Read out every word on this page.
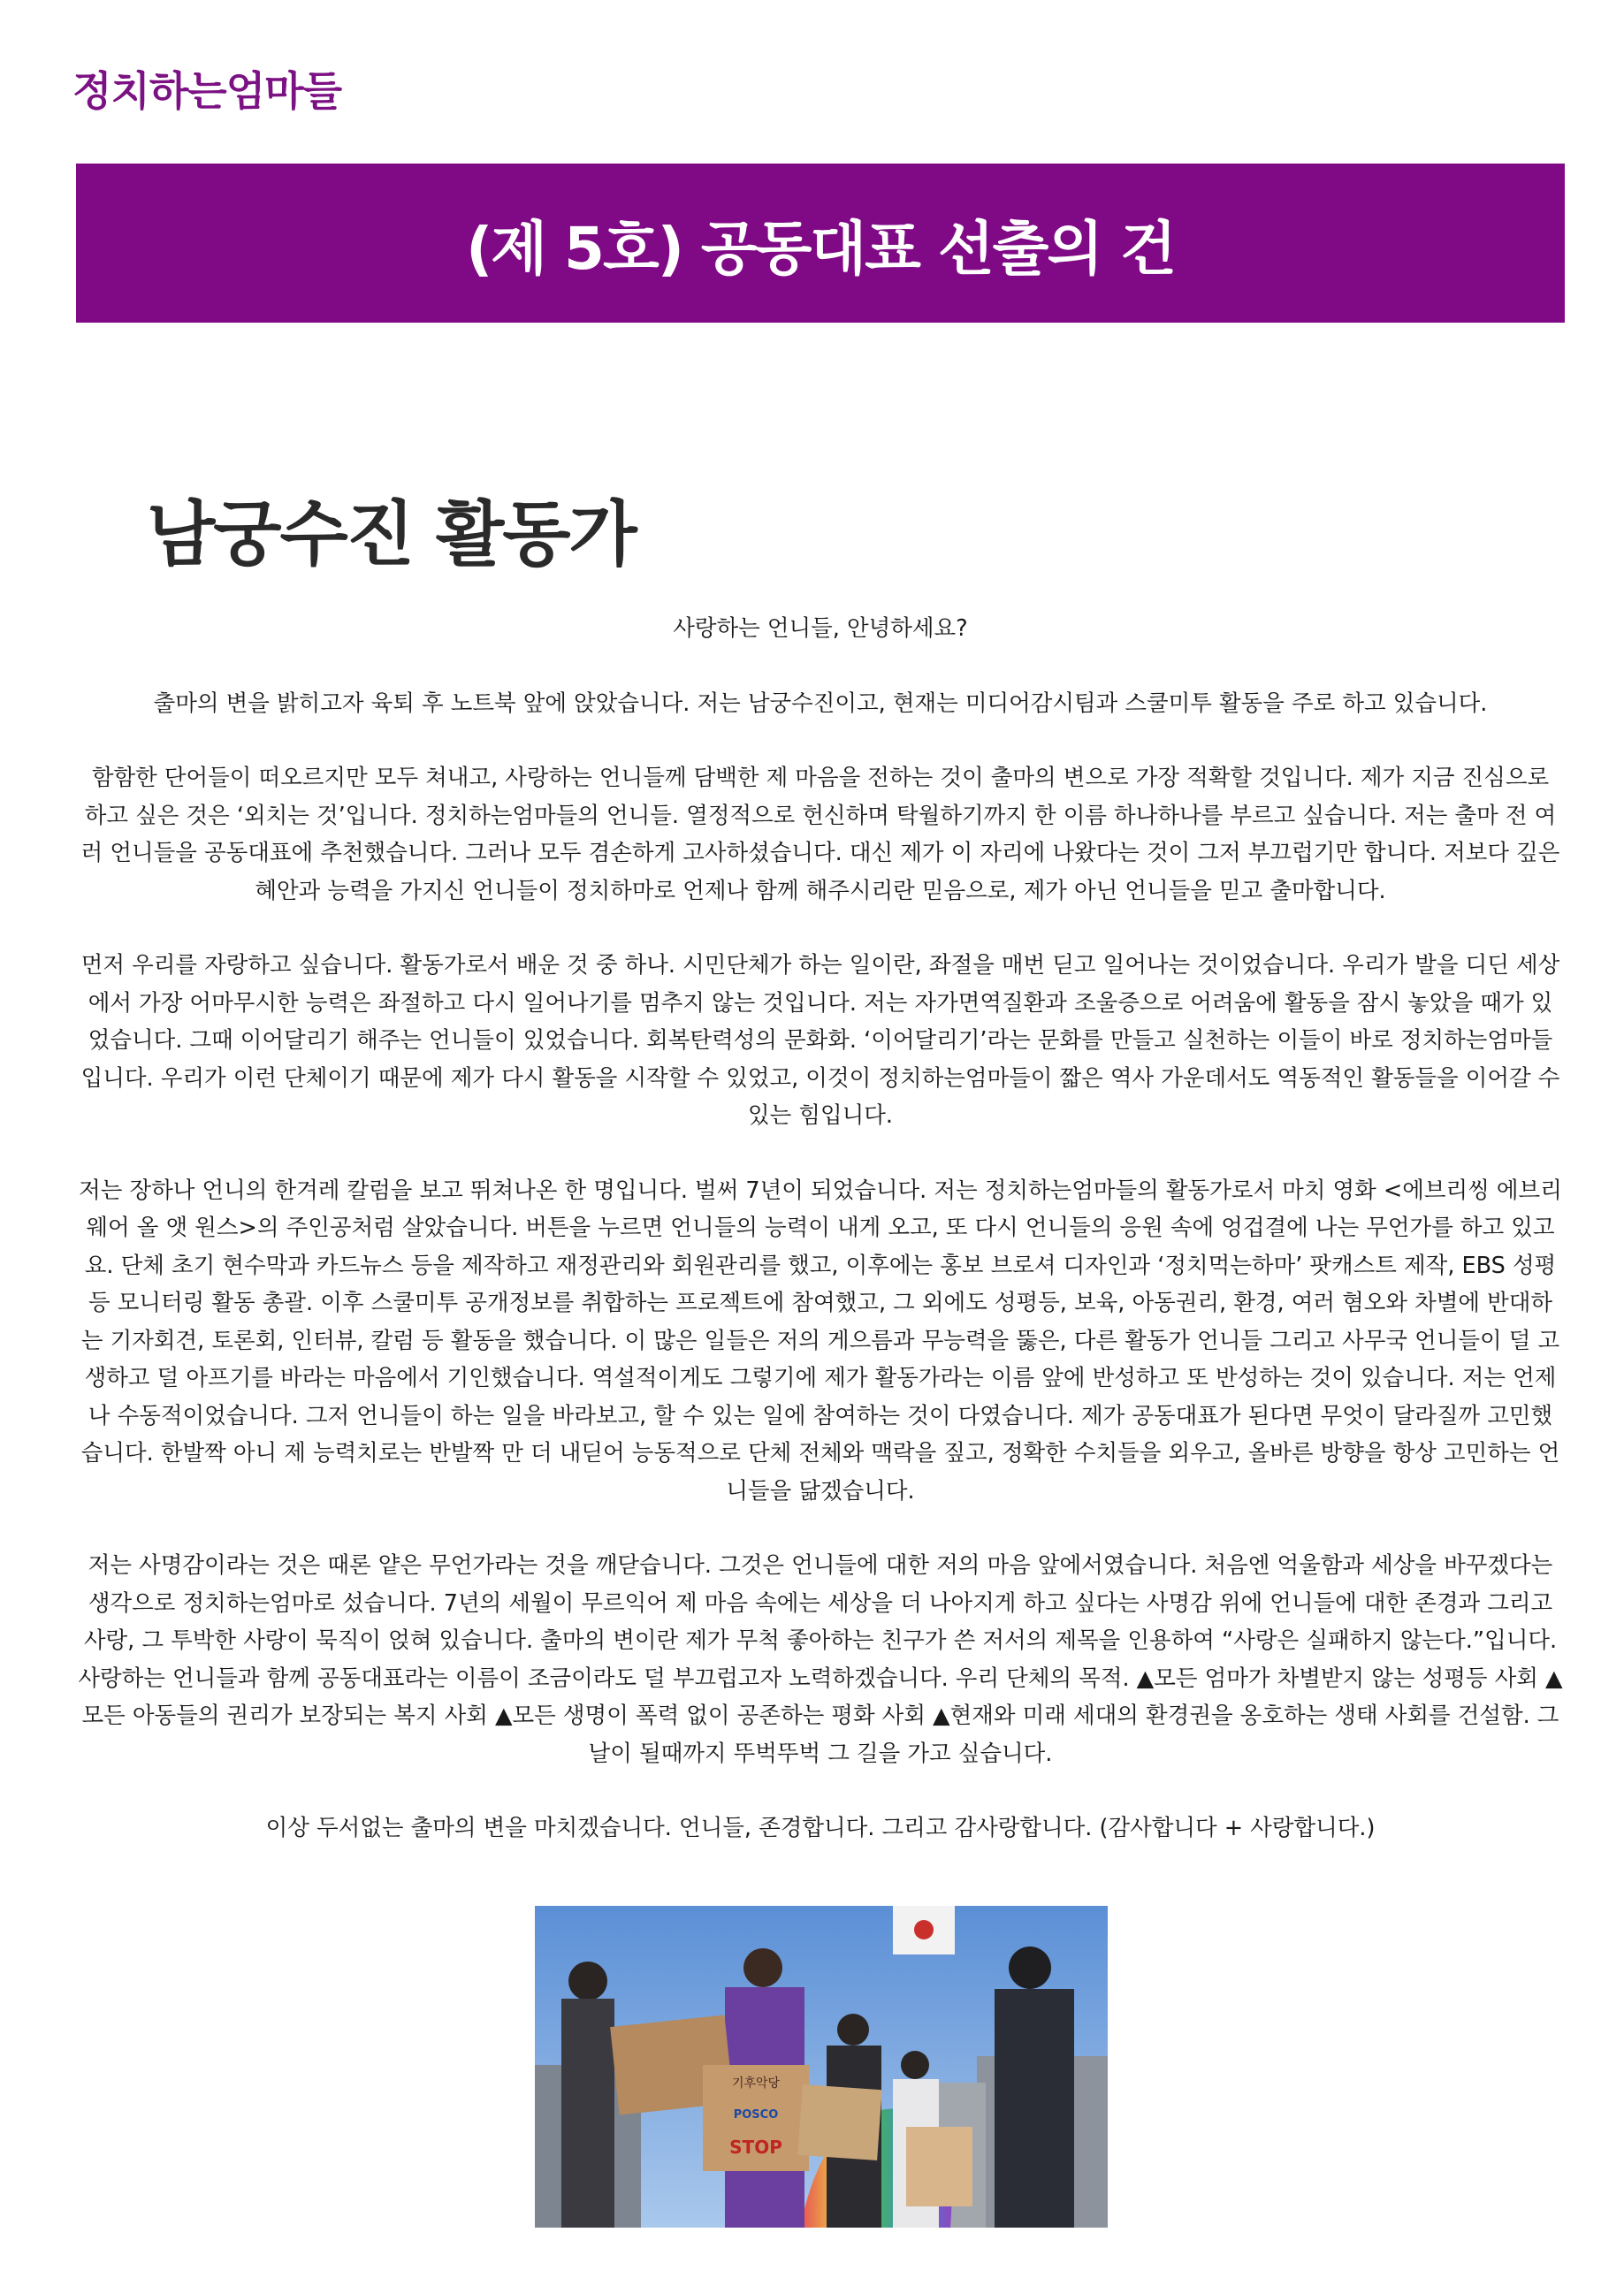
정치하는엄마들
(제 5호) 공동대표 선출의 건
남궁수진 활동가

사랑하는 언니들, 안녕하세요?

출마의 변을 밝히고자 육퇴 후 노트북 앞에 앉았습니다. 저는 남궁수진이고, 현재는 미디어감시팀과 스쿨미투 활동을 주로 하고 있습니다.

함함한 단어들이 떠오르지만 모두 쳐내고, 사랑하는 언니들께 담백한 제 마음을 전하는 것이 출마의 변으로 가장 적확할 것입니다. 제가 지금 진심으로 하고 싶은 것은 ‘외치는 것’입니다. 정치하는엄마들의 언니들. 열정적으로 헌신하며 탁월하기까지 한 이름 하나하나를 부르고 싶습니다. 저는 출마 전 여러 언니들을 공동대표에 추천했습니다. 그러나 모두 겸손하게 고사하셨습니다. 대신 제가 이 자리에 나왔다는 것이 그저 부끄럽기만 합니다. 저보다 깊은 혜안과 능력을 가지신 언니들이 정치하마로 언제나 함께 해주시리란 믿음으로, 제가 아닌 언니들을 믿고 출마합니다.

먼저 우리를 자랑하고 싶습니다. 활동가로서 배운 것 중 하나. 시민단체가 하는 일이란, 좌절을 매번 딛고 일어나는 것이었습니다. 우리가 발을 디딘 세상에서 가장 어마무시한 능력은 좌절하고 다시 일어나기를 멈추지 않는 것입니다. 저는 자가면역질환과 조울증으로 어려움에 활동을 잠시 놓았을 때가 있었습니다. 그때 이어달리기 해주는 언니들이 있었습니다. 회복탄력성의 문화화. ‘이어달리기’라는 문화를 만들고 실천하는 이들이 바로 정치하는엄마들입니다. 우리가 이런 단체이기 때문에 제가 다시 활동을 시작할 수 있었고, 이것이 정치하는엄마들이 짧은 역사 가운데서도 역동적인 활동들을 이어갈 수 있는 힘입니다.

저는 장하나 언니의 한겨레 칼럼을 보고 뛰쳐나온 한 명입니다. 벌써 7년이 되었습니다. 저는 정치하는엄마들의 활동가로서 마치 영화 <에브리씽 에브리웨어 올 앳 원스>의 주인공처럼 살았습니다. 버튼을 누르면 언니들의 능력이 내게 오고, 또 다시 언니들의 응원 속에 엉겁결에 나는 무언가를 하고 있고요. 단체 초기 현수막과 카드뉴스 등을 제작하고 재정관리와 회원관리를 했고, 이후에는 홍보 브로셔 디자인과 ‘정치먹는하마’ 팟캐스트 제작, EBS 성평등 모니터링 활동 총괄. 이후 스쿨미투 공개정보를 취합하는 프로젝트에 참여했고, 그 외에도 성평등, 보육, 아동권리, 환경, 여러 혐오와 차별에 반대하는 기자회견, 토론회, 인터뷰, 칼럼 등 활동을 했습니다. 이 많은 일들은 저의 게으름과 무능력을 뚫은, 다른 활동가 언니들 그리고 사무국 언니들이 덜 고생하고 덜 아프기를 바라는 마음에서 기인했습니다. 역설적이게도 그렇기에 제가 활동가라는 이름 앞에 반성하고 또 반성하는 것이 있습니다. 저는 언제나 수동적이었습니다. 그저 언니들이 하는 일을 바라보고, 할 수 있는 일에 참여하는 것이 다였습니다. 제가 공동대표가 된다면 무엇이 달라질까 고민했습니다. 한발짝 아니 제 능력치로는 반발짝 만 더 내딛어 능동적으로 단체 전체와 맥락을 짚고, 정확한 수치들을 외우고, 올바른 방향을 항상 고민하는 언니들을 닮겠습니다.

저는 사명감이라는 것은 때론 얕은 무언가라는 것을 깨닫습니다. 그것은 언니들에 대한 저의 마음 앞에서였습니다. 처음엔 억울함과 세상을 바꾸겠다는 생각으로 정치하는엄마로 섰습니다. 7년의 세월이 무르익어 제 마음 속에는 세상을 더 나아지게 하고 싶다는 사명감 위에 언니들에 대한 존경과 그리고 사랑, 그 투박한 사랑이 묵직이 얹혀 있습니다. 출마의 변이란 제가 무척 좋아하는 친구가 쓴 저서의 제목을 인용하여 “사랑은 실패하지 않는다.”입니다. 사랑하는 언니들과 함께 공동대표라는 이름이 조금이라도 덜 부끄럽고자 노력하겠습니다. 우리 단체의 목적. ▲모든 엄마가 차별받지 않는 성평등 사회 ▲모든 아동들의 권리가 보장되는 복지 사회 ▲모든 생명이 폭력 없이 공존하는 평화 사회 ▲현재와 미래 세대의 환경권을 옹호하는 생태 사회를 건설함. 그 날이 될때까지 뚜벅뚜벅 그 길을 가고 싶습니다.

이상 두서없는 출마의 변을 마치겠습니다. 언니들, 존경합니다. 그리고 감사랑합니다. (감사합니다 + 사랑합니다.)

기후악당
POSCO
STOP
